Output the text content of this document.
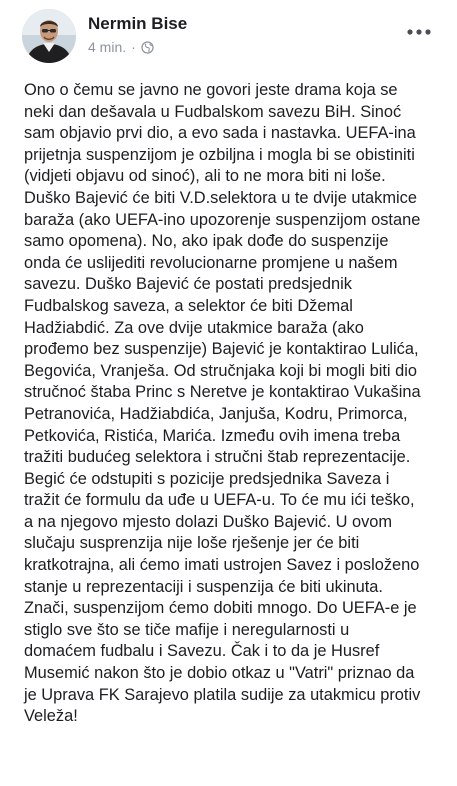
Nermin Bise
4 min. ·
Ono o čemu se javno ne govori jeste drama koja se
neki dan dešavala u Fudbalskom savezu BiH. Sinoć
sam objavio prvi dio, a evo sada i nastavka. UEFA-ina
prijetnja suspenzijom je ozbiljna i mogla bi se obistiniti
(vidjeti objavu od sinoć), ali to ne mora biti ni loše.
Duško Bajević će biti V.D.selektora u te dvije utakmice
baraža (ako UEFA-ino upozorenje suspenzijom ostane
samo opomena). No, ako ipak dođe do suspenzije
onda će uslijediti revolucionarne promjene u našem
savezu. Duško Bajević će postati predsjednik
Fudbalskog saveza, a selektor će biti Džemal
Hadžiabdić. Za ove dvije utakmice baraža (ako
prođemo bez suspenzije) Bajević je kontaktirao Lulića,
Begovića, Vranješa. Od stručnjaka koji bi mogli biti dio
stručnoć štaba Princ s Neretve je kontaktirao Vukašina
Petranovića, Hadžiabdića, Janjuša, Kodru, Primorca,
Petkovića, Ristića, Marića. Između ovih imena treba
tražiti budućeg selektora i stručni štab reprezentacije.
Begić će odstupiti s pozicije predsjednika Saveza i
tražit će formulu da uđe u UEFA-u. To će mu ići teško,
a na njegovo mjesto dolazi Duško Bajević. U ovom
slučaju susprenzija nije loše rješenje jer će biti
kratkotrajna, ali ćemo imati ustrojen Savez i posloženo
stanje u reprezentaciji i suspenzija će biti ukinuta.
Znači, suspenzijom ćemo dobiti mnogo. Do UEFA-e je
stiglo sve što se tiče mafije i neregularnosti u
domaćem fudbalu i Savezu. Čak i to da je Husref
Musemić nakon što je dobio otkaz u "Vatri" priznao da
je Uprava FK Sarajevo platila sudije za utakmicu protiv
Veleža!
